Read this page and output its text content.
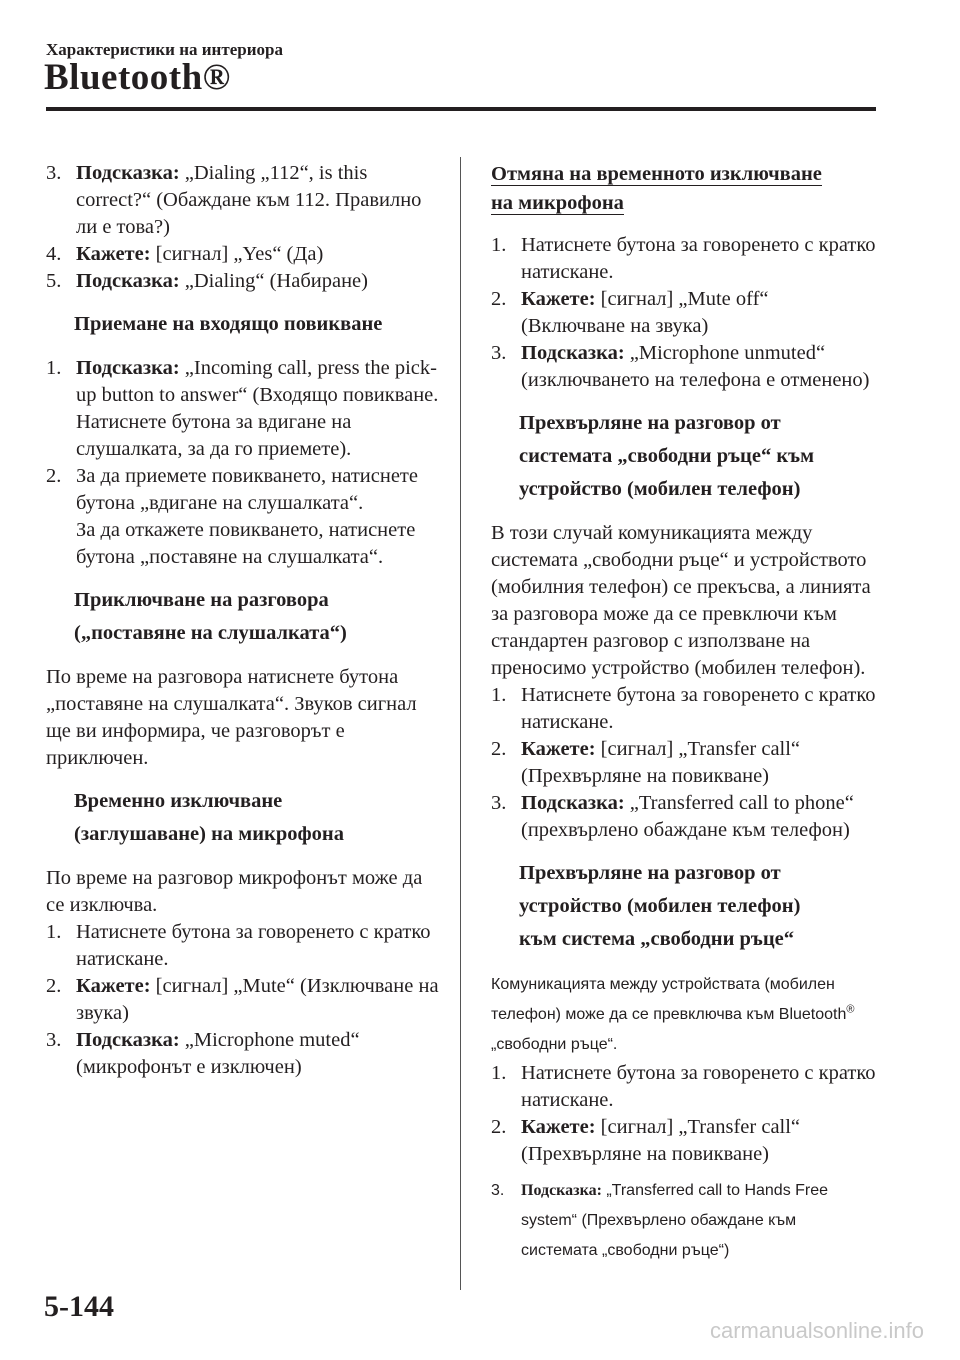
Характеристики на интериора
Bluetooth®
3. Подсказка: „Dialing „112“, is this correct?“ (Обаждане към 112. Правилно ли е това?)
4. Кажете: [сигнал] „Yes“ (Да)
5. Подсказка: „Dialing“ (Набиране)
Приемане на входящо повикване
1. Подсказка: „Incoming call, press the pick-up button to answer“ (Входящо повикване. Натиснете бутона за вдигане на слушалката, за да го приемете).
2. За да приемете повикването, натиснете бутона „вдигане на слушалката“.
За да откажете повикването, натиснете бутона „поставяне на слушалката“.
Приключване на разговора
(„поставяне на слушалката“)

По време на разговора натиснете бутона „поставяне на слушалката“. Звуков сигнал ще ви информира, че разговорът е приключен.

Временно изключване
(заглушаване) на микрофона

По време на разговор микрофонът може да се изключва.

1. Натиснете бутона за говоренето с кратко натискане.
2. Кажете: [сигнал] „Mute“ (Изключване на звука)
3. Подсказка: „Microphone muted“ (микрофонът е изключен)
Отмяна на временното изключване
на микрофона
1. Натиснете бутона за говоренето с кратко натискане.
2. Кажете: [сигнал] „Mute off“ (Включване на звука)
3. Подсказка: „Microphone unmuted“ (изключването на телефона е отменено)
Прехвърляне на разговор от
системата „свободни ръце“ към
устройство (мобилен телефон)

В този случай комуникацията между системата „свободни ръце“ и устройството (мобилния телефон) се прекъсва, а линията за разговора може да се превключи към стандартен разговор с използване на преносимо устройство (мобилен телефон).

1. Натиснете бутона за говоренето с кратко натискане.
2. Кажете: [сигнал] „Transfer call“ (Прехвърляне на повикване)
3. Подсказка: „Transferred call to phone“ (прехвърлено обаждане към телефон)
Прехвърляне на разговор от
устройство (мобилен телефон)
към система „свободни ръце“

Комуникацията между устройствата (мобилен телефон) може да се превключва към Bluetooth® „свободни ръце“.

1. Натиснете бутона за говоренето с кратко натискане.
2. Кажете: [сигнал] „Transfer call“ (Прехвърляне на повикване)
3. Подсказка: „Transferred call to Hands Free system“ (Прехвърлено обаждане към системата „свободни ръце“)
5-144
carmanualsonline.info
